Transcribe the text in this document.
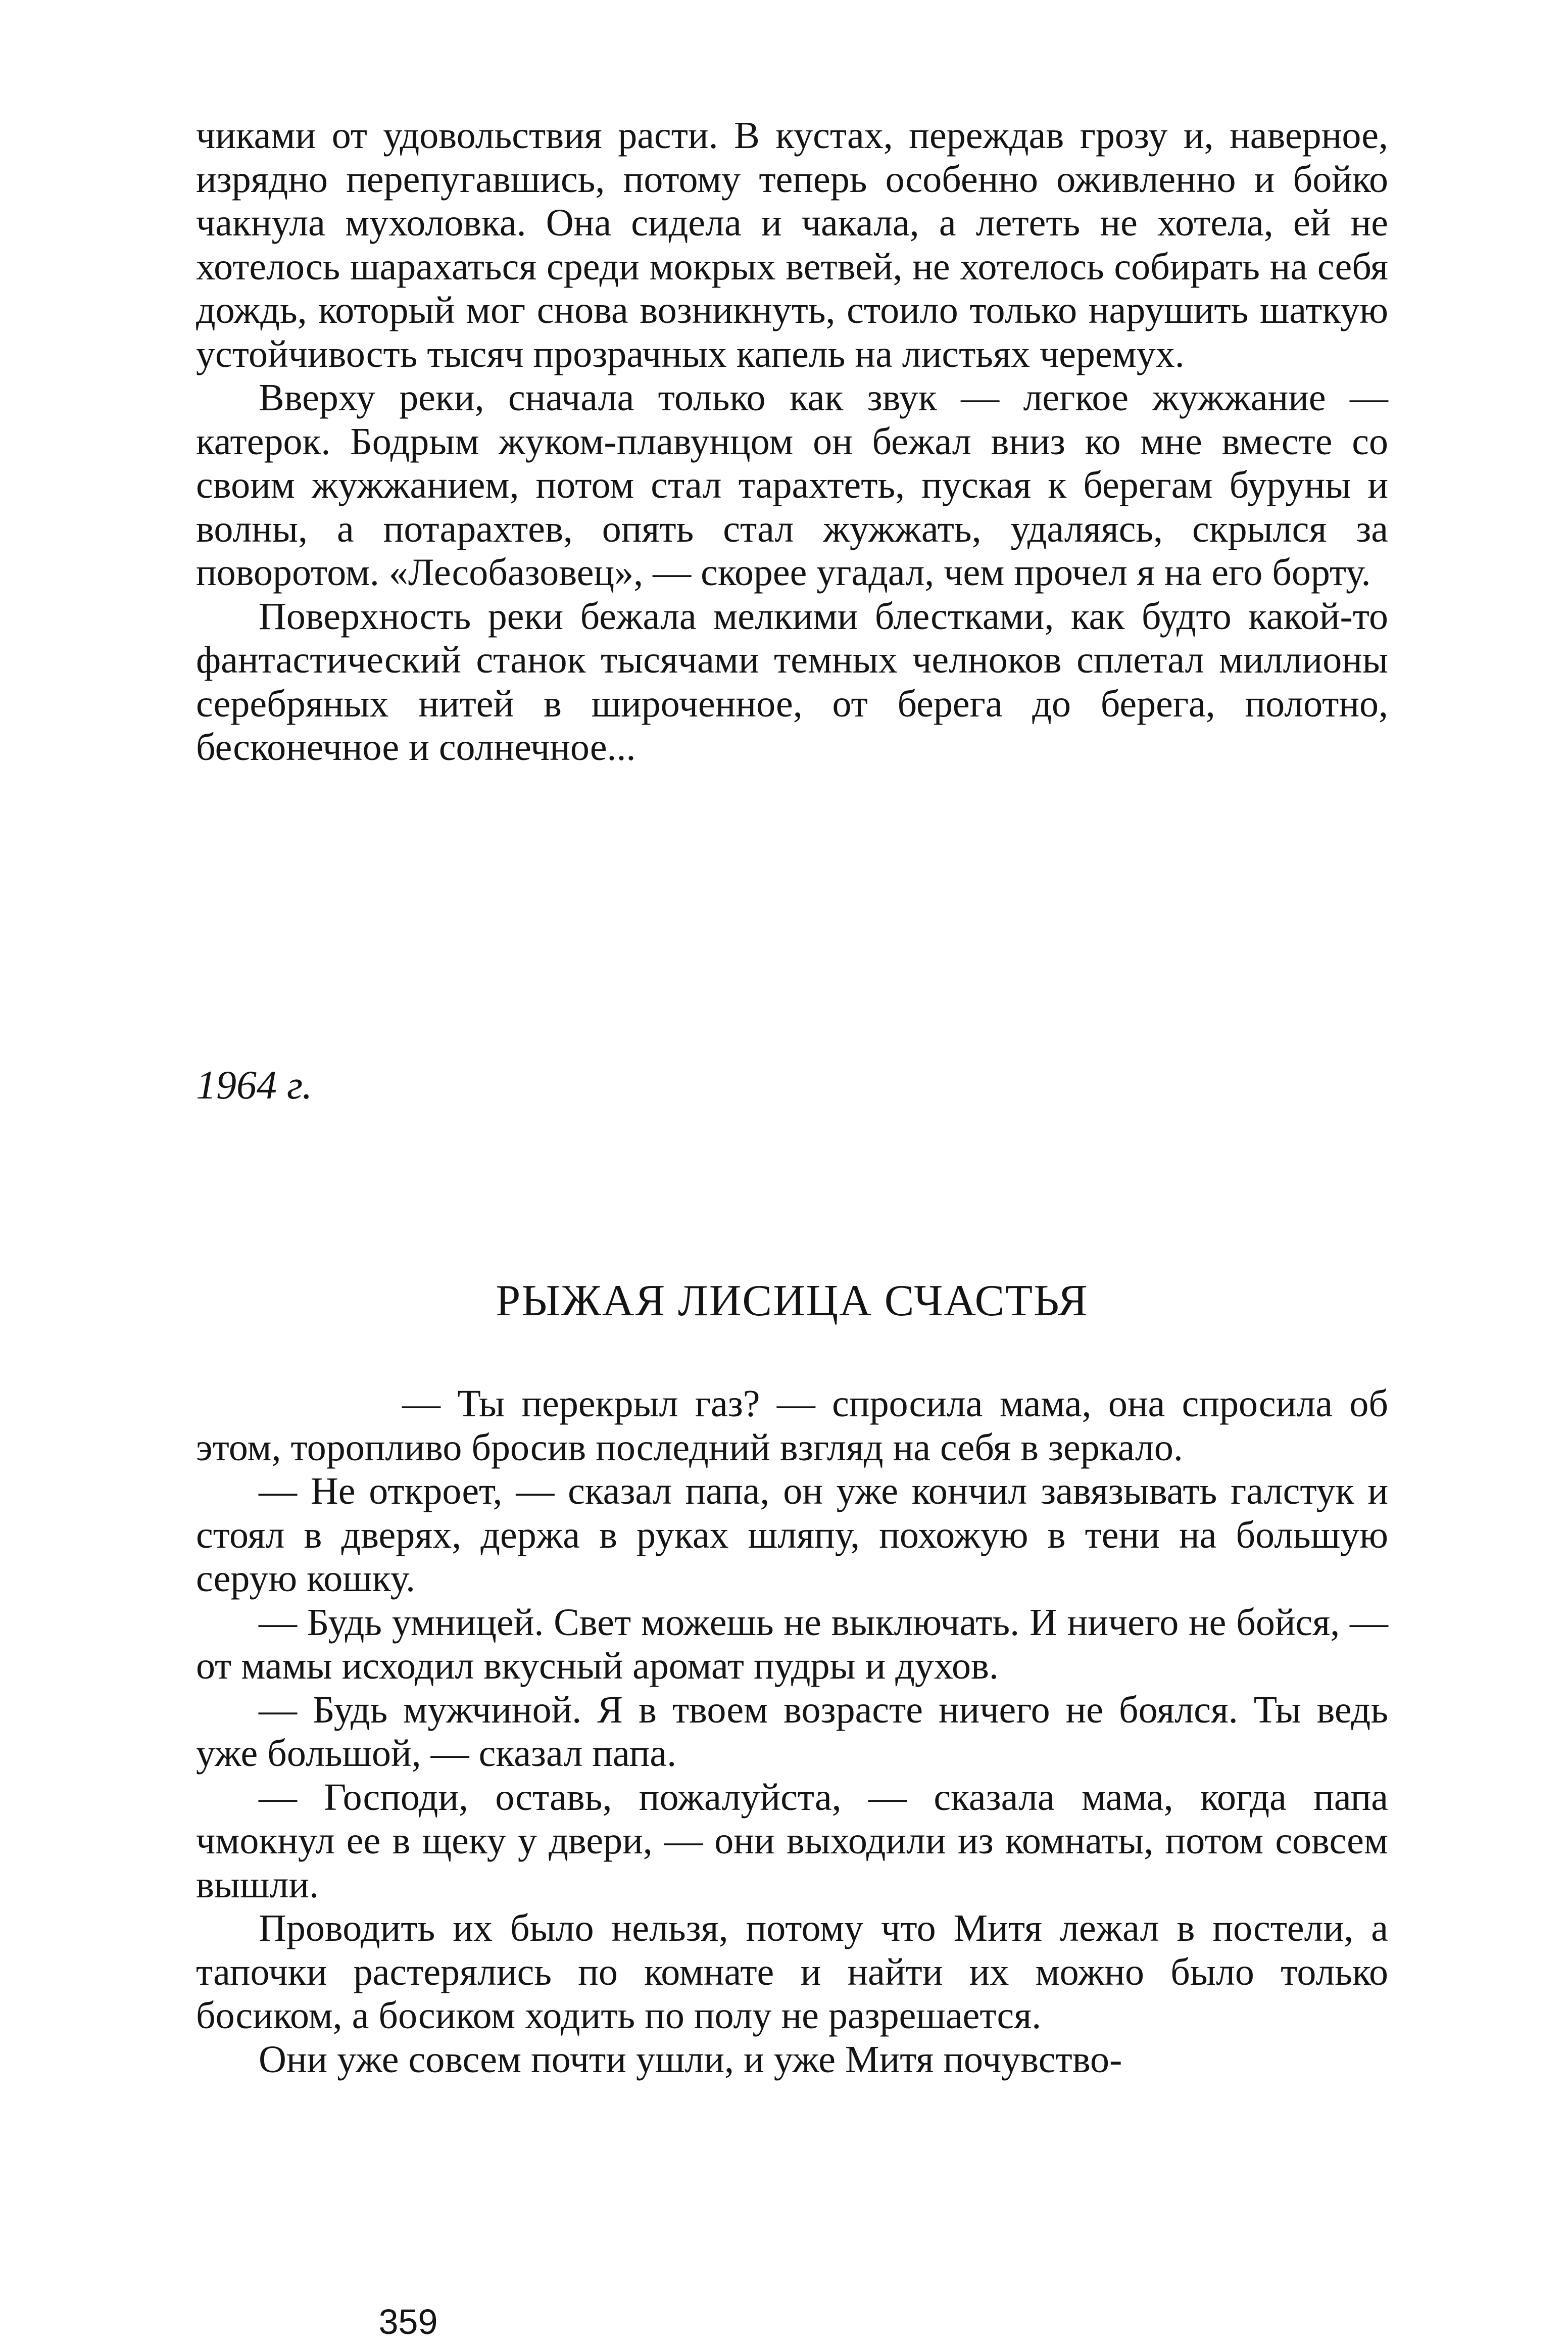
чиками от удовольствия расти. В кустах, переждав грозу и, наверное, изрядно перепугавшись, потому теперь особенно оживленно и бойко чакнула мухоловка. Она сидела и чакала, а лететь не хотела, ей не хотелось шарахаться среди мокрых ветвей, не хотелось собирать на себя дождь, который мог снова возникнуть, стоило только нарушить шаткую устойчивость тысяч прозрачных капель на листьях черемух.

Вверху реки, сначала только как звук — легкое жужжание — катерок. Бодрым жуком-плавунцом он бежал вниз ко мне вместе со своим жужжанием, потом стал тарахтеть, пуская к берегам буруны и волны, а потарахтев, опять стал жужжать, удаляясь, скрылся за поворотом. «Лесобазовец», — скорее угадал, чем прочел я на его борту.

Поверхность реки бежала мелкими блестками, как будто какой-то фантастический станок тысячами темных челноков сплетал миллионы серебряных нитей в широченное, от берега до берега, полотно, бесконечное и солнечное...

1964 г.

РЫЖАЯ ЛИСИЦА СЧАСТЬЯ

— Ты перекрыл газ? — спросила мама, она спросила об этом, торопливо бросив последний взгляд на себя в зеркало.

— Не откроет, — сказал папа, он уже кончил завязывать галстук и стоял в дверях, держа в руках шляпу, похожую в тени на большую серую кошку.

— Будь умницей. Свет можешь не выключать. И ничего не бойся, — от мамы исходил вкусный аромат пудры и духов.

— Будь мужчиной. Я в твоем возрасте ничего не боялся. Ты ведь уже большой, — сказал папа.

— Господи, оставь, пожалуйста, — сказала мама, когда папа чмокнул ее в щеку у двери, — они выходили из комнаты, потом совсем вышли.

Проводить их было нельзя, потому что Митя лежал в постели, а тапочки растерялись по комнате и найти их можно было только босиком, а босиком ходить по полу не разрешается.

Они уже совсем почти ушли, и уже Митя почувство-

359
